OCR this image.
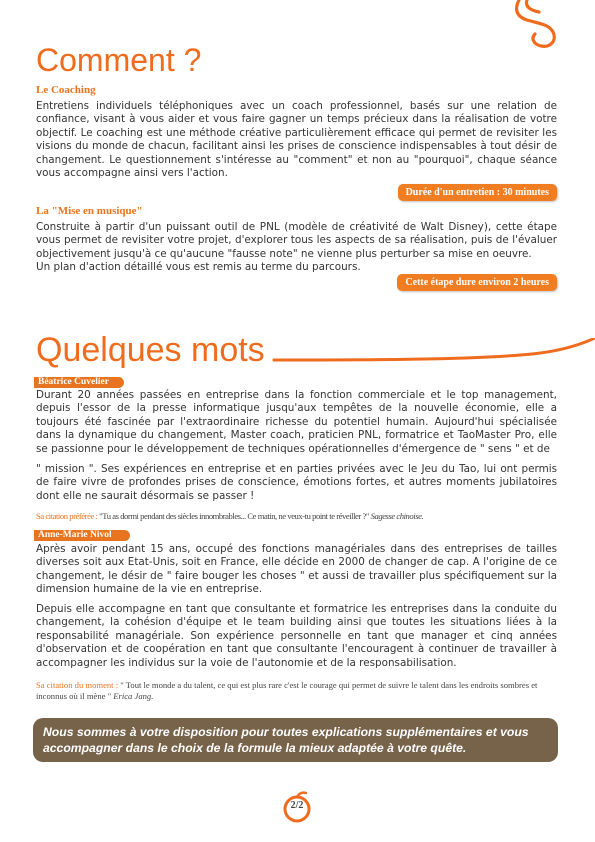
Comment ?
Le Coaching

Entretiens individuels téléphoniques avec un coach professionnel, basés sur une relation de confiance, visant à vous aider et vous faire gagner un temps précieux dans la réalisation de votre objectif. Le coaching est une méthode créative particulièrement efficace qui permet de revisiter les visions du monde de chacun, facilitant ainsi les prises de conscience indispensables à tout désir de changement. Le questionnement s'intéresse au "comment" et non au "pourquoi", chaque séance vous accompagne ainsi vers l'action.

Durée d'un entretien : 30 minutes
La "Mise en musique"

Construite à partir d'un puissant outil de PNL (modèle de créativité de Walt Disney), cette étape vous permet de revisiter votre projet, d'explorer tous les aspects de sa réalisation, puis de l'évaluer objectivement jusqu'à ce qu'aucune "fausse note" ne vienne plus perturber sa mise en oeuvre.

Un plan d'action détaillé vous est remis au terme du parcours.

Cette étape dure environ 2 heures
Quelques mots
Béatrice Cuvelier

Durant 20 années passées en entreprise dans la fonction commerciale et le top management, depuis l'essor de la presse informatique jusqu'aux tempêtes de la nouvelle économie, elle a toujours été fascinée par l'extraordinaire richesse du potentiel humain. Aujourd'hui spécialisée dans la dynamique du changement, Master coach, praticien PNL, formatrice et TaoMaster Pro, elle se passionne pour le développement de techniques opérationnelles d'émergence de " sens " et de

" mission ". Ses expériences en entreprise et en parties privées avec le Jeu du Tao, lui ont permis de faire vivre de profondes prises de conscience, émotions fortes, et autres moments jubilatoires dont elle ne saurait désormais se passer !

Sa citation préférée : "Tu as dormi pendant des siècles innombrables... Ce matin, ne veux-tu point te réveiller ?" Sagesse chinoise.

Anne-Marie Nivol

Après avoir pendant 15 ans, occupé des fonctions managériales dans des entreprises de tailles diverses soit aux Etat-Unis, soit en France, elle décide en 2000 de changer de cap. A l'origine de ce changement, le désir de " faire bouger les choses " et aussi de travailler plus spécifiquement sur la dimension humaine de la vie en entreprise.

Depuis elle accompagne en tant que consultante et formatrice les entreprises dans la conduite du changement, la cohésion d'équipe et le team building ainsi que toutes les situations liées à la responsabilité managériale. Son expérience personnelle en tant que manager et cinq années d'observation et de coopération en tant que consultante l'encouragent à continuer de travailler à accompagner les individus sur la voie de l'autonomie et de la responsabilisation.

Sa citation du moment : " Tout le monde a du talent, ce qui est plus rare c'est le courage qui permet de suivre le talent dans les endroits sombres et inconnus où il mène " Erica Jang.

Nous sommes à votre disposition pour toutes explications supplémentaires et vous accompagner dans le choix de la formule la mieux adaptée à votre quête.
2/2
